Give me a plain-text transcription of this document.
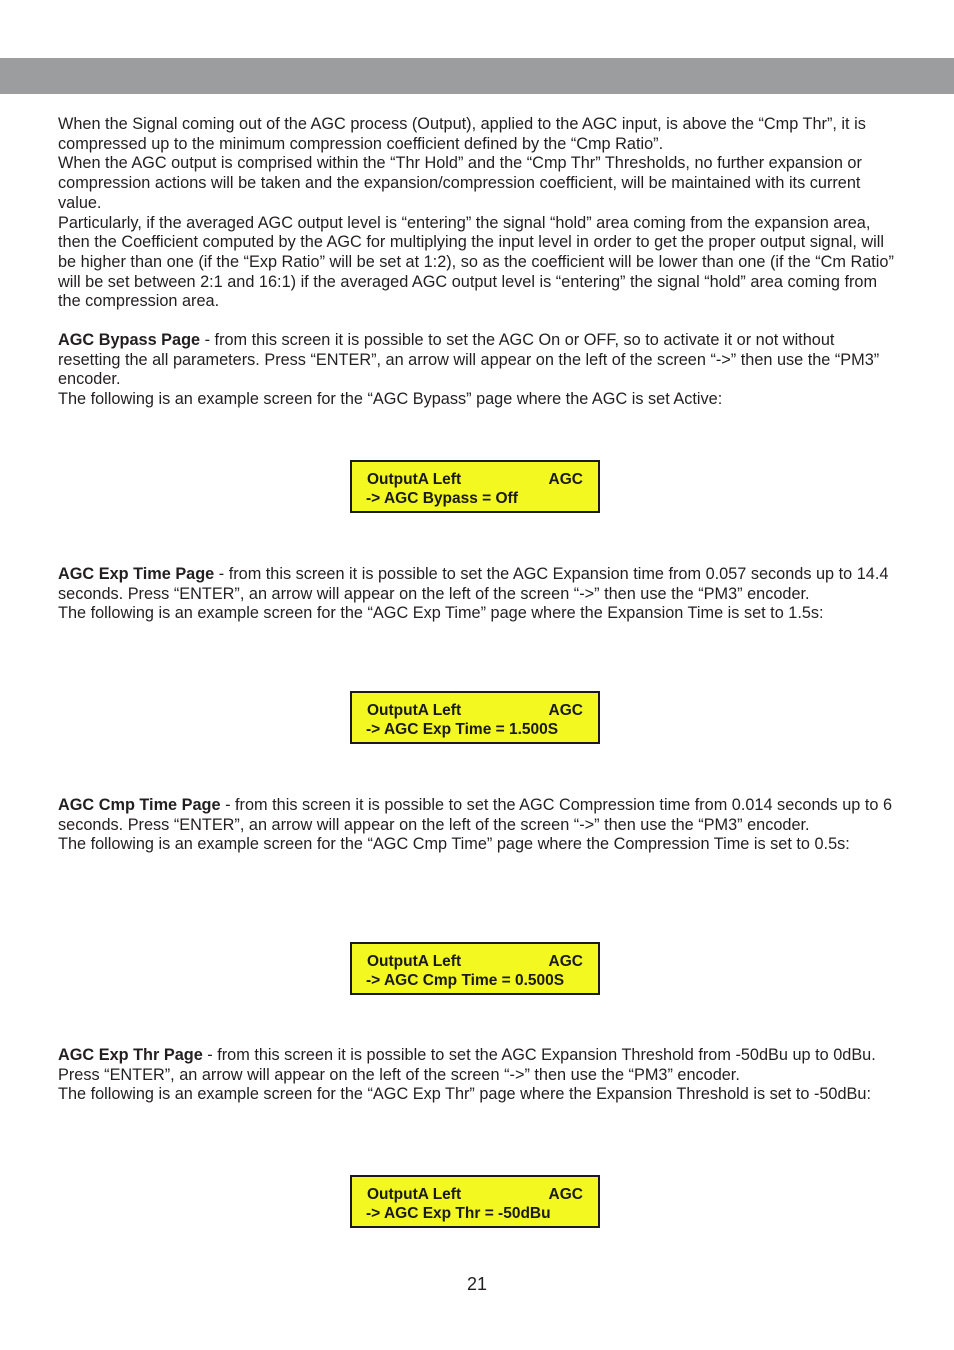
When the Signal coming out of the AGC process (Output), applied to the AGC input, is above the “Cmp Thr”, it is compressed up to the minimum compression coefficient defined by the “Cmp Ratio”.
When the AGC output is comprised within the “Thr Hold” and the “Cmp Thr” Thresholds, no further expansion or compression actions will be taken and the expansion/compression coefficient, will be maintained with its current value.
Particularly, if the averaged AGC output level is “entering” the signal “hold” area coming from the expansion area, then the Coefficient computed by the AGC for multiplying the input level in order to get the proper output signal, will be higher than one (if the “Exp Ratio” will be set at 1:2), so as the coefficient will be lower than one (if the “Cm Ratio” will be set between 2:1 and 16:1) if the averaged AGC output level is “entering” the signal “hold” area coming from the compression area.
AGC Bypass Page - from this screen it is possible to set the AGC On or OFF, so to activate it or not without resetting the all parameters. Press “ENTER”, an arrow will appear on the left of the screen “->” then use the “PM3” encoder.
The following is an example screen for the “AGC Bypass” page where the AGC is set Active:
OutputA Left	AGC
-> AGC Bypass = Off
AGC Exp Time Page - from this screen it is possible to set the AGC Expansion time from 0.057 seconds up to 14.4 seconds. Press “ENTER”, an arrow will appear on the left of the screen “->” then use the “PM3” encoder.
The following is an example screen for the “AGC Exp Time” page where the Expansion Time is set to 1.5s:
OutputA Left	AGC
-> AGC Exp Time = 1.500S
AGC Cmp Time Page - from this screen it is possible to set the AGC Compression time from 0.014 seconds up to 6 seconds. Press “ENTER”, an arrow will appear on the left of the screen “->” then use the “PM3” encoder.
The following is an example screen for the “AGC Cmp Time” page where the Compression Time is set to 0.5s:
OutputA Left	AGC
-> AGC Cmp Time = 0.500S
AGC Exp Thr Page - from this screen it is possible to set the AGC Expansion Threshold from -50dBu up to 0dBu. Press “ENTER”, an arrow will appear on the left of the screen “->” then use the “PM3” encoder.
The following is an example screen for the “AGC Exp Thr” page where the Expansion Threshold is set to -50dBu:
OutputA Left	AGC
-> AGC Exp Thr = -50dBu
21
